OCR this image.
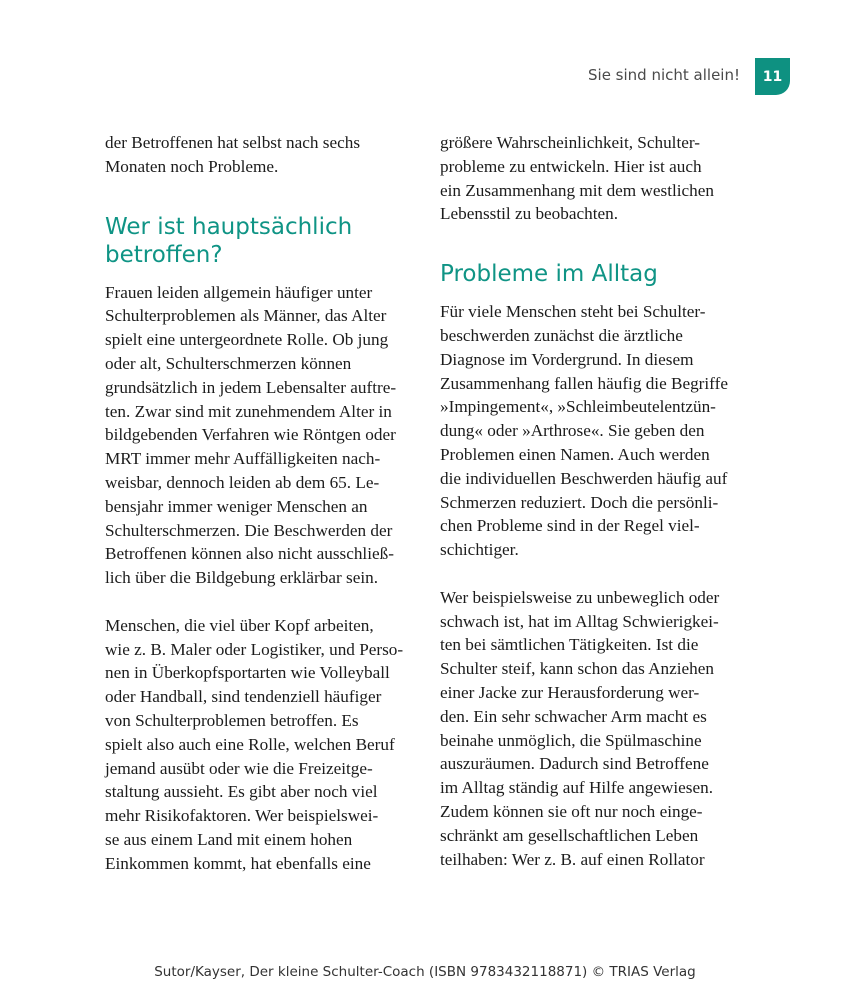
Sie sind nicht allein!	11
der Betroffenen hat selbst nach sechs
Monaten noch Probleme.
Wer ist hauptsächlich
betroffen?
Frauen leiden allgemein häufiger unter
Schulterproblemen als Männer, das Alter
spielt eine untergeordnete Rolle. Ob jung
oder alt, Schulterschmerzen können
grundsätzlich in jedem Lebensalter auftre-
ten. Zwar sind mit zunehmendem Alter in
bildgebenden Verfahren wie Röntgen oder
MRT immer mehr Auffälligkeiten nach-
weisbar, dennoch leiden ab dem 65. Le-
bensjahr immer weniger Menschen an
Schulterschmerzen. Die Beschwerden der
Betroffenen können also nicht ausschließ-
lich über die Bildgebung erklärbar sein.
Menschen, die viel über Kopf arbeiten,
wie z. B. Maler oder Logistiker, und Perso-
nen in Überkopfsportarten wie Volleyball
oder Handball, sind tendenziell häufiger
von Schulterproblemen betroffen. Es
spielt also auch eine Rolle, welchen Beruf
jemand ausübt oder wie die Freizeitge-
staltung aussieht. Es gibt aber noch viel
mehr Risikofaktoren. Wer beispielswei-
se aus einem Land mit einem hohen
Einkommen kommt, hat ebenfalls eine
größere Wahrscheinlichkeit, Schulter-
probleme zu entwickeln. Hier ist auch
ein Zusammenhang mit dem westlichen
Lebensstil zu beobachten.
Probleme im Alltag
Für viele Menschen steht bei Schulter-
beschwerden zunächst die ärztliche
Diagnose im Vordergrund. In diesem
Zusammenhang fallen häufig die Begriffe
»Impingement«, »Schleimbeutelentzün-
dung« oder »Arthrose«. Sie geben den
Problemen einen Namen. Auch werden
die individuellen Beschwerden häufig auf
Schmerzen reduziert. Doch die persönli-
chen Probleme sind in der Regel viel-
schichtiger.
Wer beispielsweise zu unbeweglich oder
schwach ist, hat im Alltag Schwierigkei-
ten bei sämtlichen Tätigkeiten. Ist die
Schulter steif, kann schon das Anziehen
einer Jacke zur Herausforderung wer-
den. Ein sehr schwacher Arm macht es
beinahe unmöglich, die Spülmaschine
auszuräumen. Dadurch sind Betroffene
im Alltag ständig auf Hilfe angewiesen.
Zudem können sie oft nur noch einge-
schränkt am gesellschaftlichen Leben
teilhaben: Wer z. B. auf einen Rollator
Sutor/Kayser, Der kleine Schulter-Coach (ISBN 9783432118871) © TRIAS Verlag
